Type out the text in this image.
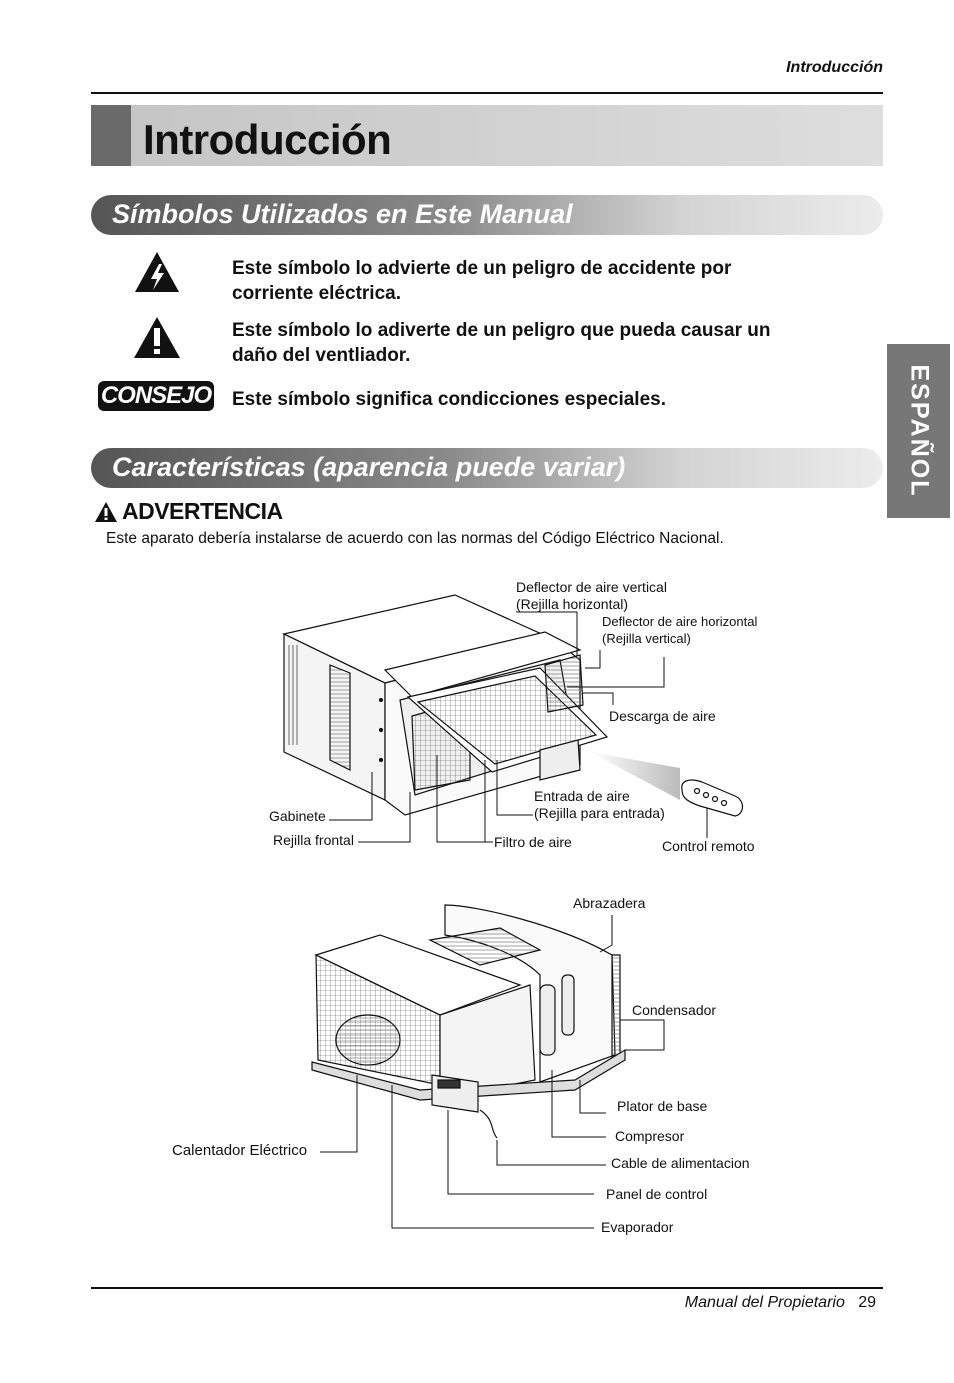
Introducción
Introducción
ESPAÑOL
Símbolos Utilizados en Este Manual
Este símbolo lo advierte de un peligro de accidente por
corriente eléctrica.
Este símbolo lo adiverte de un peligro que pueda causar un
daño del ventliador.
CONSEJO Este símbolo significa condicciones especiales.
Características (aparencia puede variar)
ADVERTENCIA
Este aparato debería instalarse de acuerdo con las normas del Código Eléctrico Nacional.
Deflector de aire vertical
(Rejilla horizontal)
Deflector de aire horizontal
(Rejilla vertical)
Descarga de aire
Entrada de aire
(Rejilla para entrada)
Gabinete
Rejilla frontal	Filtro de aire	Control remoto
Abrazadera
Condensador
Plator de base
Compresor
Cable de alimentacion
Panel de control
Evaporador
Calentador Eléctrico
Manual del Propietario 29
